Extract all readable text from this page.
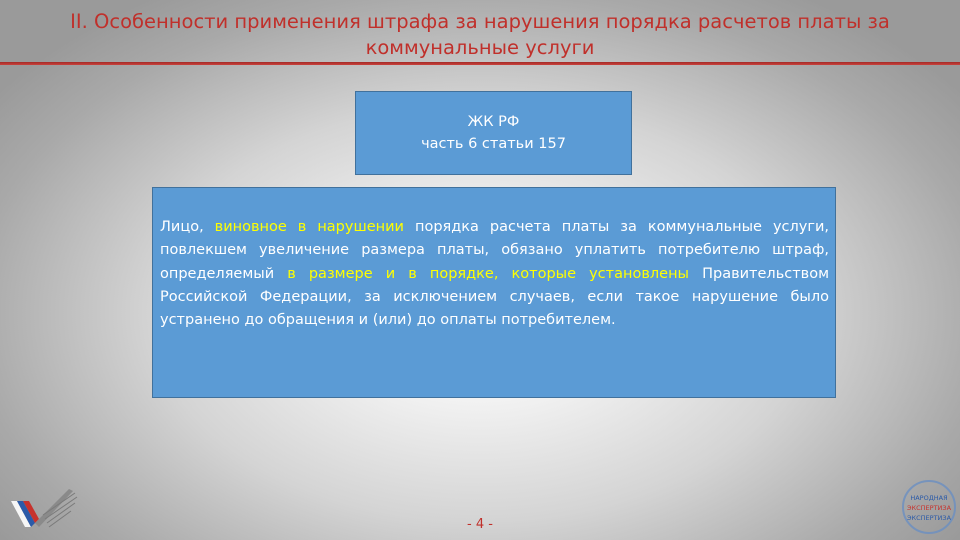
II. Особенности применения штрафа за нарушения порядка расчетов платы за
коммунальные услуги
ЖК РФ
часть 6 статьи 157
Лицо, виновное в нарушении порядка расчета платы за коммунальные услуги, повлекшем увеличение размера платы, обязано уплатить потребителю штраф, определяемый в размере и в порядке, которые установлены Правительством Российской Федерации, за исключением случаев, если такое нарушение было устранено до обращения и (или) до оплаты потребителем.
НАРОДНАЯ
ЭКСПЕРТИЗА
ЭКСПЕРТИЗА
- 4 -
